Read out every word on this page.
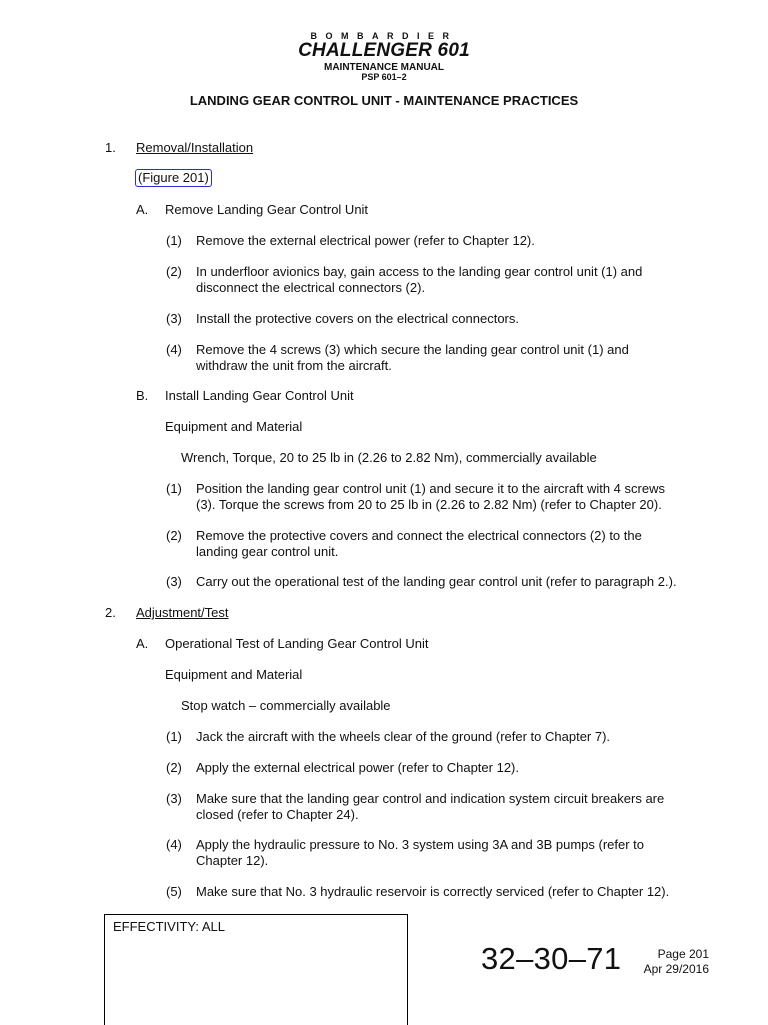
BOMBARDIER
CHALLENGER 601
MAINTENANCE MANUAL
PSP 601–2
LANDING GEAR CONTROL UNIT - MAINTENANCE PRACTICES
1. Removal/Installation
(Figure 201)
A. Remove Landing Gear Control Unit
(1) Remove the external electrical power (refer to Chapter 12).
(2) In underfloor avionics bay, gain access to the landing gear control unit (1) and
disconnect the electrical connectors (2).
(3) Install the protective covers on the electrical connectors.
(4) Remove the 4 screws (3) which secure the landing gear control unit (1) and
withdraw the unit from the aircraft.
B. Install Landing Gear Control Unit
Equipment and Material
Wrench, Torque, 20 to 25 lb in (2.26 to 2.82 Nm), commercially available
(1) Position the landing gear control unit (1) and secure it to the aircraft with 4 screws
(3). Torque the screws from 20 to 25 lb in (2.26 to 2.82 Nm) (refer to Chapter 20).
(2) Remove the protective covers and connect the electrical connectors (2) to the
landing gear control unit.
(3) Carry out the operational test of the landing gear control unit (refer to paragraph 2.).
2. Adjustment/Test
A. Operational Test of Landing Gear Control Unit
Equipment and Material
Stop watch – commercially available
(1) Jack the aircraft with the wheels clear of the ground (refer to Chapter 7).
(2) Apply the external electrical power (refer to Chapter 12).
(3) Make sure that the landing gear control and indication system circuit breakers are
closed (refer to Chapter 24).
(4) Apply the hydraulic pressure to No. 3 system using 3A and 3B pumps (refer to
Chapter 12).
(5) Make sure that No. 3 hydraulic reservoir is correctly serviced (refer to Chapter 12).
EFFECTIVITY: ALL
32–30–71	Page 201
Apr 29/2016
